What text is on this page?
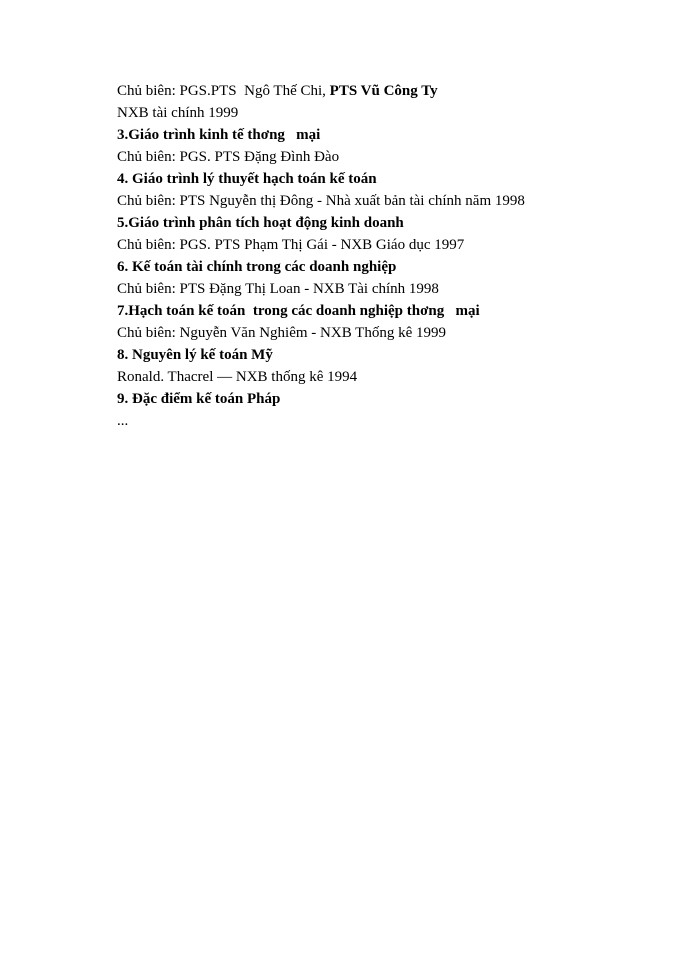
Chủ biên: PGS.PTS  Ngô Thế Chi, PTS Vũ Công Ty
NXB tài chính 1999
3.Giáo trình kinh tế thơng   mại
Chủ biên: PGS. PTS Đặng Đình Đào
4. Giáo trình lý thuyết hạch toán kế toán
Chủ biên: PTS Nguyễn thị Đông - Nhà xuất bản tài chính năm 1998
5.Giáo trình phân tích hoạt động kinh doanh
Chủ biên: PGS. PTS Phạm Thị Gái - NXB Giáo dục 1997
6. Kế toán tài chính trong các doanh nghiệp
Chủ biên: PTS Đặng Thị Loan - NXB Tài chính 1998
7.Hạch toán kế toán  trong các doanh nghiệp thơng   mại
Chủ biên: Nguyễn Văn Nghiêm - NXB Thống kê 1999
8. Nguyên lý kế toán Mỹ
Ronald. Thacrel — NXB thống kê 1994
9. Đặc điểm kế toán Pháp
...
